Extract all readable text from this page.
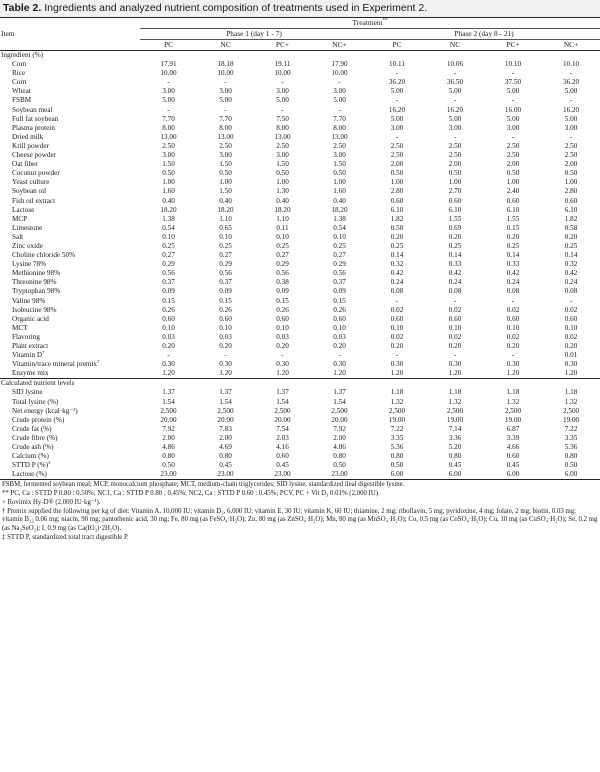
Table 2. Ingredients and analyzed nutrient composition of treatments used in Experiment 2.
Item	Treatment**
	Phase 1 (day 1 - 7)				Phase 2 (day 8 - 21)			
	PC	NC	PC+	NC+	PC	NC	PC+	NC+
Ingredient (%)								
Corn	17.91	18.18	19.11	17.90	10.11	10.06	10.10	10.10
Rice	10.00	10.00	10.00	10.00	-	-	-	-
Corn	-	-	-	-	36.20	36.50	37.50	36.20
Wheat	3.00	3.00	3.00	3.00	5.00	5.00	5.00	5.00
FSBM	5.00	5.00	5.00	5.00	-	-	-	-
Soybean meal	-	-	-	-	16.20	16.20	16.00	16.20
Full fat soybean	7.70	7.70	7.50	7.70	5.00	5.00	5.00	5.00
Plasma protein	8.00	8.00	8.00	8.00	3.00	3.00	3.00	3.00
Dried milk	13.00	13.00	13.00	13.00	-	-	-	-
Krill powder	2.50	2.50	2.50	2.50	2.50	2.50	2.50	2.50
Cheese powder	3.00	3.00	3.00	3.00	2.50	2.50	2.50	2.50
Oat fiber	1.50	1.50	1.50	1.50	2.00	2.00	2.00	2.00
Coconut powder	0.50	0.50	0.50	0.50	0.50	0.50	0.50	0.50
Yeast culture	1.00	1.00	1.00	1.00	1.00	1.00	1.00	1.00
Soybean oil	1.60	1.50	1.30	1.60	2.80	2.70	2.40	2.80
Fish oil extract	0.40	0.40	0.40	0.40	0.60	0.60	0.60	0.60
Lactose	18.20	18.20	18.20	18.20	6.10	6.10	6.10	6.10
MCP	1.38	1.10	1.10	1.38	1.82	1.55	1.55	1.82
Limestone	0.54	0.65	0.11	0.54	0.58	0.69	0.15	0.58
Salt	0.10	0.10	0.10	0.10	0.20	0.20	0.20	0.20
Zinc oxide	0.25	0.25	0.25	0.25	0.25	0.25	0.25	0.25
Choline chloride 50%	0.27	0.27	0.27	0.27	0.14	0.14	0.14	0.14
Lysine 78%	0.29	0.29	0.29	0.29	0.32	0.33	0.33	0.32
Methionine 98%	0.56	0.56	0.56	0.56	0.42	0.42	0.42	0.42
Threonine 98%	0.37	0.37	0.38	0.37	0.24	0.24	0.24	0.24
Tryptophan 98%	0.09	0.09	0.09	0.09	0.08	0.08	0.08	0.08
Valine 98%	0.15	0.15	0.15	0.15	-	-	-	-
Isoleucine 98%	0.26	0.26	0.26	0.26	0.02	0.02	0.02	0.02
Organic acid	0.60	0.60	0.60	0.60	0.60	0.60	0.60	0.60
MCT	0.10	0.10	0.10	0.10	0.10	0.10	0.10	0.10
Flavoring	0.03	0.03	0.03	0.03	0.02	0.02	0.02	0.02
Plant extract	0.20	0.20	0.20	0.20	0.20	0.20	0.20	0.20
Vitamin D+	-	-	-	-	-	-	-	0.01
Vitamin/trace mineral premix†	0.30	0.30	0.30	0.30	0.30	0.30	0.30	0.30
Enzyme mix	1.20	1.20	1.20	1.20	1.20	1.20	1.20	1.20
Calculated nutrient levels								
SID lysine	1.37	1.37	1.37	1.37	1.18	1.18	1.18	1.18
Total lysine (%)	1.54	1.54	1.54	1.54	1.32	1.32	1.32	1.32
Net energy (kcal·kg⁻¹)	2,500	2,500	2,500	2,500	2,500	2,500	2,500	2,500
Crude protein (%)	20.00	20.00	20.00	20.00	19.00	19.00	19.00	19.00
Crude fat (%)	7.92	7.83	7.54	7.92	7.22	7.14	6.87	7.22
Crude fibre (%)	2.00	2.00	2.03	2.00	3.35	3.36	3.39	3.35
Crude ash (%)	4.86	4.69	4.16	4.86	5.36	5.20	4.66	5.36
Calcium (%)	0.80	0.80	0.60	0.80	0.80	0.80	0.60	0.80
STTD P (%)‡	0.50	0.45	0.45	0.50	0.50	0.45	0.45	0.50
Lactose (%)	23.00	23.00	23.00	23.00	6.00	6.00	6.00	6.00
FSBM, fermented soybean meal; MCP, monocalcium phosphate; MCT, medium-chain triglycerides; SID lysine, standardized ileal digestible lysine.
** PC, Ca : STTD P 0.80 : 0.50%; NC1, Ca : STTD P 0.80 : 0.45%; NC2, Ca : STTD P 0.60 : 0.45%; PCV, PC + Vit D₃ 0.01% (2,000 IU).
+ Rovimix Hy-D® (2,000 IU·kg⁻¹).
† Premix supplied the following per kg of diet: Vitamin A, 10,000 IU; vitamin D₃, 6,000 IU; vitamin E, 30 IU; vitamin K, 60 IU; thiamine, 2 mg; riboflavin, 5 mg; pyridoxine, 4 mg; folate, 2 mg; biotin, 0.03 mg; vitamin B₁₂ 0.06 mg; niacin, 90 mg; pantothenic acid, 30 mg; Fe, 80 mg (as FeSO₄·H₂O); Zn, 80 mg (as ZnSO₄·H₂O); Mn, 80 mg (as MnSO₄·H₂O); Co, 0.5 mg (as CoSO₄·H₂O); Cu, 10 mg (as CuSO₄·H₂O); Se, 0.2 mg (as Na₂SeO₃); I, 0.9 mg (as Ca(IO₃)·2H₂O).
‡ STTD P, standardized total tract digestible P.
